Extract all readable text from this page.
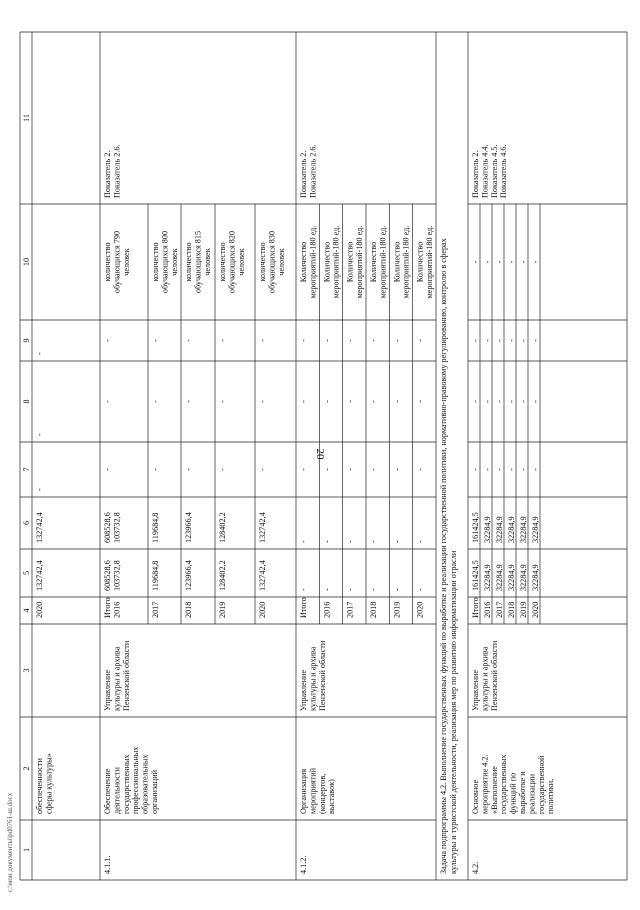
20
c:\мои документы\pd0761-ш.docx 1
2
3
4
5
6
7
8
9
10
11
обеспеченности сферы культуры»
2020
132742,4
132742,4
-
-
-
4.1.1.
Обеспечение деятельности государственных профессиональных образовательных организаций
Управление культуры и архива Пензенской области
Итого 2016
608528,6 103732,8
608528,6 103732,8
-
-
-
количество обучающихся 790 человек
2017
119684,8
119684,8
-
-
-
количество обучающихся 800 человек
2018
123966,4
123966,4
-
-
-
количество обучающихся 815 человек
2019
128402,2
128402,2
-
-
-
количество обучающихся 820 человек
2020
132742,4
132742,4
-
-
-
количество обучающихся 830 человек
Показатель 2. Показатель 2.6.
4.1.2.
Организация мероприятий (концертов, выставок)
Управление культуры и архива Пензенской области
Итого
-
-
-
-
-
Количество мероприятий-180 ед.
2016
-
-
-
-
-
Количество мероприятий-180 ед.
2017
-
-
-
-
-
Количество мероприятий-180 ед.
2018
-
-
-
-
-
Количество мероприятий-180 ед.
2019
-
-
-
-
-
Количество мероприятий-180 ед.
2020
-
-
-
-
-
Количество мероприятий-180 ед.
Показатель 2. Показатель 2.6.
Задача подпрограммы 4.2. Выполнение государственных функций по выработке и реализации государственной политики, нормативно-правовому регулированию, контролю в сферах культуры и туристской деятельности, реализация мер по развитию информатизации отрасли 4.2.
Основное мероприятие 4.2. «Выполнение государственных функций по выработке и реализации государственной политики,
Управление культуры и архива Пензенской области
Итого
161424,5
161424,5
-
-
-
-
2016
32284,9
32284,9
-
-
-
-
2017
32284,9
32284,9
-
-
-
-
2018
32284,9
32284,9
-
-
-
-
2019
32284,9
32284,9
-
-
-
-
2020
32284,9
32284,9
-
-
-
-
Показатель 2. Показатель 4.4. Показатель 4.5. Показатель 4.6.
